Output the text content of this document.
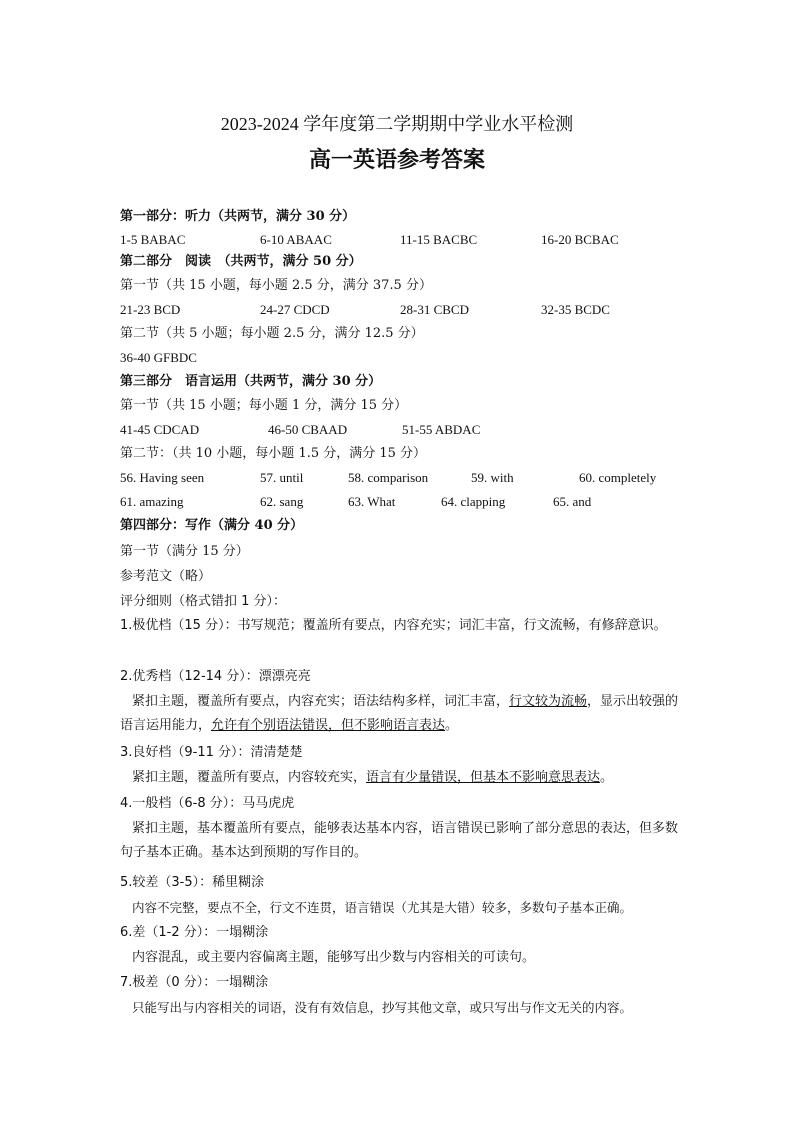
2023-2024 学年度第二学期期中学业水平检测
高一英语参考答案
第一部分：听力（共两节，满分 30 分）
1-5 BABAC	6-10 ABAAC	11-15 BACBC	16-20 BCBAC
第二部分　阅读　（共两节，满分 50 分）
第一节（共 15 小题，每小题 2.5 分，满分 37.5 分）
21-23 BCD	24-27 CDCD	28-31 CBCD	32-35 BCDC
第二节（共 5 小题；每小题 2.5 分，满分 12.5 分）
36-40 GFBDC
第三部分　语言运用（共两节，满分 30 分）
第一节（共 15 小题；每小题 1 分，满分 15 分）
41-45 CDCAD	46-50 CBAAD	51-55 ABDAC
第二节：（共 10 小题，每小题 1.5 分，满分 15 分）
56. Having seen	57. until	58. comparison	59. with	60. completely
61. amazing	62. sang	63. What	64. clapping	65. and
第四部分：写作（满分 40 分）
第一节（满分 15 分）
参考范文（略）
评分细则（格式错扣 1 分）：
1.极优档（15 分）：书写规范；覆盖所有要点，内容充实；词汇丰富，行文流畅，有修辞意识。
2.优秀档（12-14 分）：漂漂亮亮
紧扣主题，覆盖所有要点，内容充实；语法结构多样，词汇丰富，行文较为流畅，显示出较强的语言运用能力，允许有个别语法错误，但不影响语言表达。
3.良好档（9-11 分）：清清楚楚
紧扣主题，覆盖所有要点，内容较充实，语言有少量错误，但基本不影响意思表达。
4.一般档（6-8 分）：马马虎虎
紧扣主题，基本覆盖所有要点，能够表达基本内容，语言错误已影响了部分意思的表达，但多数句子基本正确。基本达到预期的写作目的。
5.较差（3-5）：稀里糊涂
内容不完整，要点不全，行文不连贯，语言错误（尤其是大错）较多，多数句子基本正确。
6.差（1-2 分）：一塌糊涂
内容混乱，或主要内容偏离主题，能够写出少数与内容相关的可读句。
7.极差（0 分）：一塌糊涂
只能写出与内容相关的词语，没有有效信息，抄写其他文章，或只写出与作文无关的内容。
